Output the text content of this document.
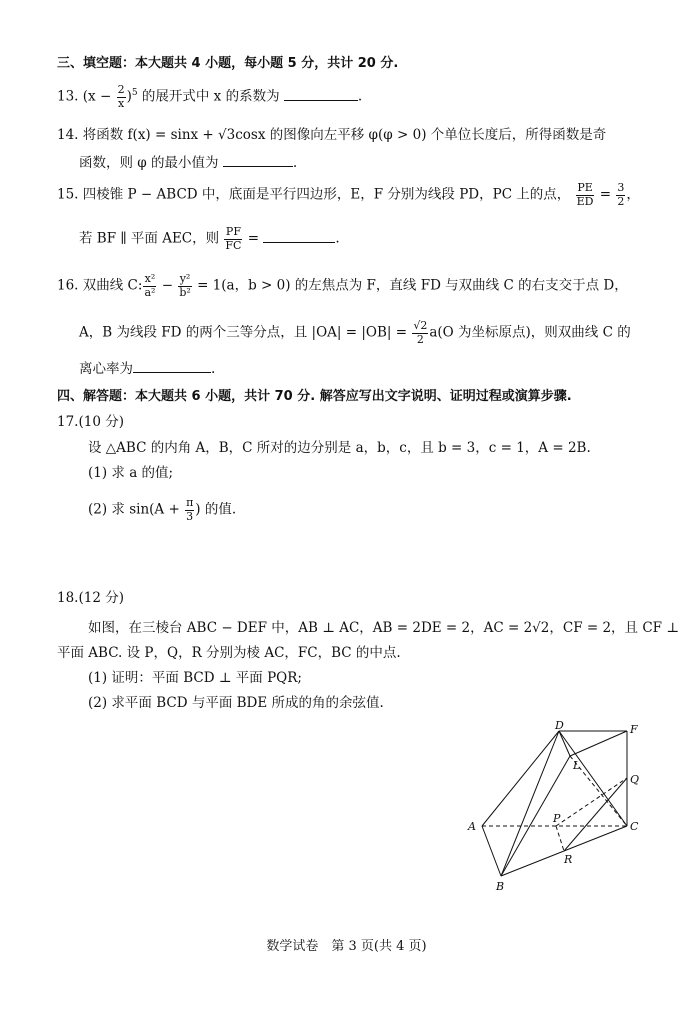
三、填空题：本大题共 4 小题，每小题 5 分，共计 20 分.
13. $(x - \frac{2}{x} )^5$ 的展开式中 x 的系数为	.
14. 将函数 f(x) = sinx + √3cosx 的图像向左平移 φ(φ > 0) 个单位长度后，所得函数是奇
函数，则 φ 的最小值为	.
15. 四棱锥 P − ABCD 中，底面是平行四边形，E，F 分别为线段 PD，PC 上的点， $\frac{PE}{ED} = \frac{3}{2}$ ，
若 BF ∥ 平面 AEC，则 $\frac{PF}{FC}$ =	.
16. 双曲线 C: $\frac{\text{x²}}{\text{a²}} - \frac{\text{y²}}{\text{b²}} = 1(a$，b > 0) 的左焦点为 F，直线 FD 与双曲线 C 的右支交于点 D，
A，B 为线段 FD 的两个三等分点，且 $|OA| = |OB| = \frac{√2}{2} a(O$ 为坐标原点)，则双曲线 C 的
离心率为	.
四、解答题：本大题共 6 小题，共计 70 分. 解答应写出文字说明、证明过程或演算步骤.
17.(10 分)
设 △ABC 的内角 A，B，C 所对的边分别是 a，b，c，且 b = 3，c = 1，A = 2B.
(1) 求 a 的值;
(2) 求 $\sin(A + \frac{\pi}{3}$ ) 的值.
18.(12 分)
如图，在三棱台 ABC − DEF 中，AB ⊥ AC，AB = 2DE = 2，AC = 2√2，CF = 2，且 CF ⊥
平面 ABC. 设 P，Q，R 分别为棱 AC，FC，BC 的中点.
(1) 证明：平面 BCD ⊥ 平面 PQR;
(2) 求平面 BCD 与平面 BDE 所成的角的余弦值.
D	F
L
Q
A
P
C
R
B
数学试卷　第 3 页(共 4 页)
